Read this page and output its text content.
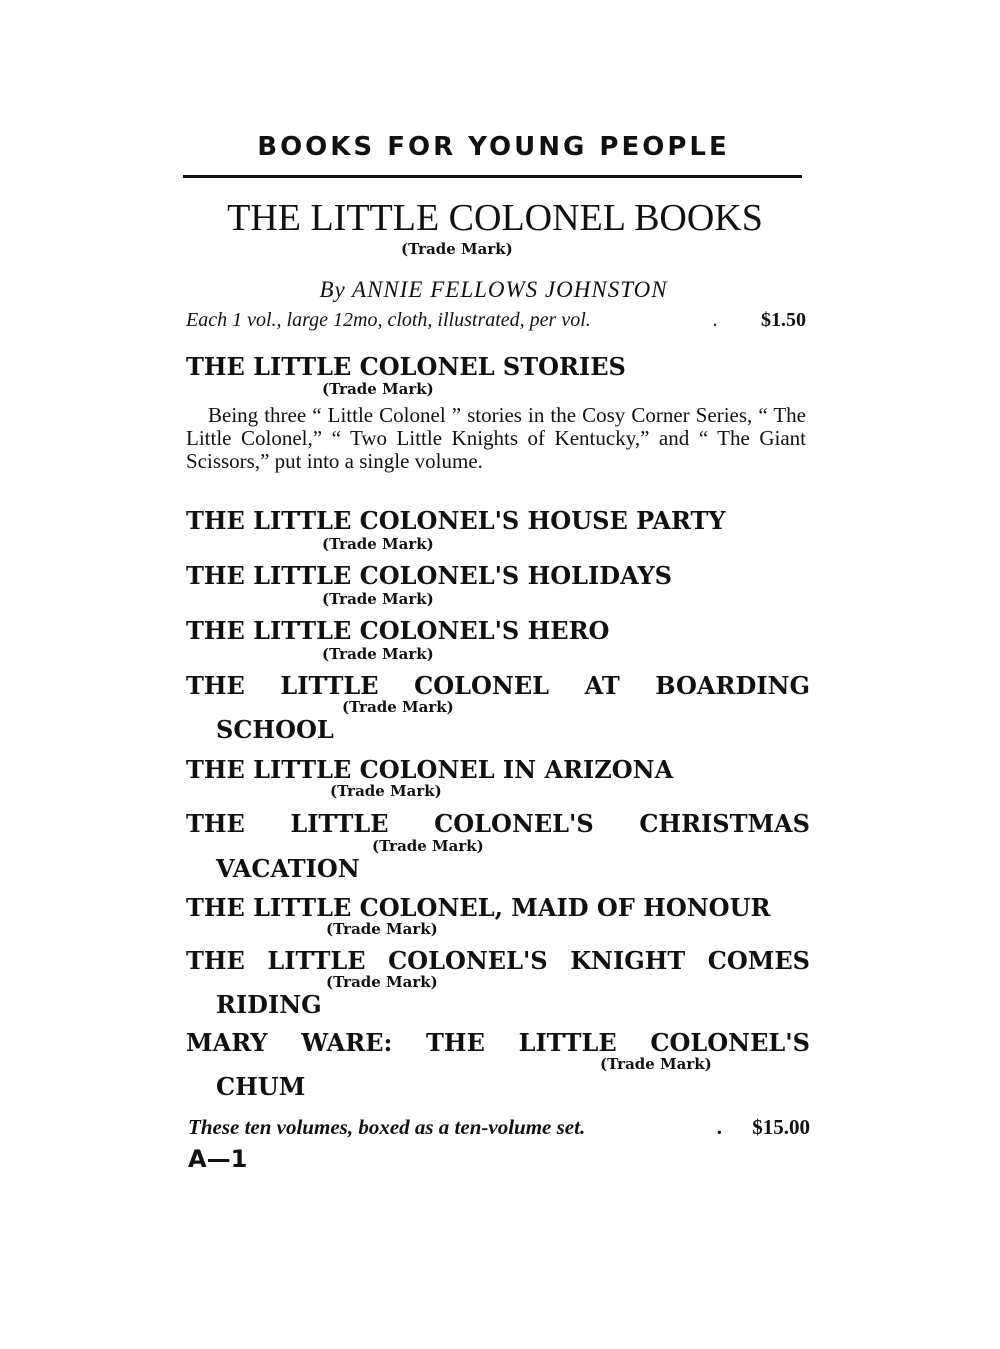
BOOKS FOR YOUNG PEOPLE
THE LITTLE COLONEL BOOKS
(Trade Mark)
By ANNIE FELLOWS JOHNSTON
Each 1 vol., large 12mo, cloth, illustrated, per vol.	. $1.50
THE LITTLE COLONEL STORIES
(Trade Mark)
Being three “ Little Colonel ” stories in the Cosy Corner Series, “ The Little Colonel,” “ Two Little Knights of Kentucky,” and “ The Giant Scissors,” put into a single volume.
THE LITTLE COLONEL'S HOUSE PARTY
(Trade Mark)
THE LITTLE COLONEL'S HOLIDAYS
(Trade Mark)
THE LITTLE COLONEL'S HERO
(Trade Mark)
THE LITTLE COLONEL AT BOARDING
(Trade Mark)
SCHOOL
THE LITTLE COLONEL IN ARIZONA
(Trade Mark)
THE LITTLE COLONEL'S CHRISTMAS
(Trade Mark)
VACATION
THE LITTLE COLONEL, MAID OF HONOUR
(Trade Mark)
THE LITTLE COLONEL'S KNIGHT COMES
(Trade Mark)
RIDING
MARY WARE: THE LITTLE COLONEL'S
(Trade Mark)
CHUM
These ten volumes, boxed as a ten-volume set.	. $15.00
A—1
